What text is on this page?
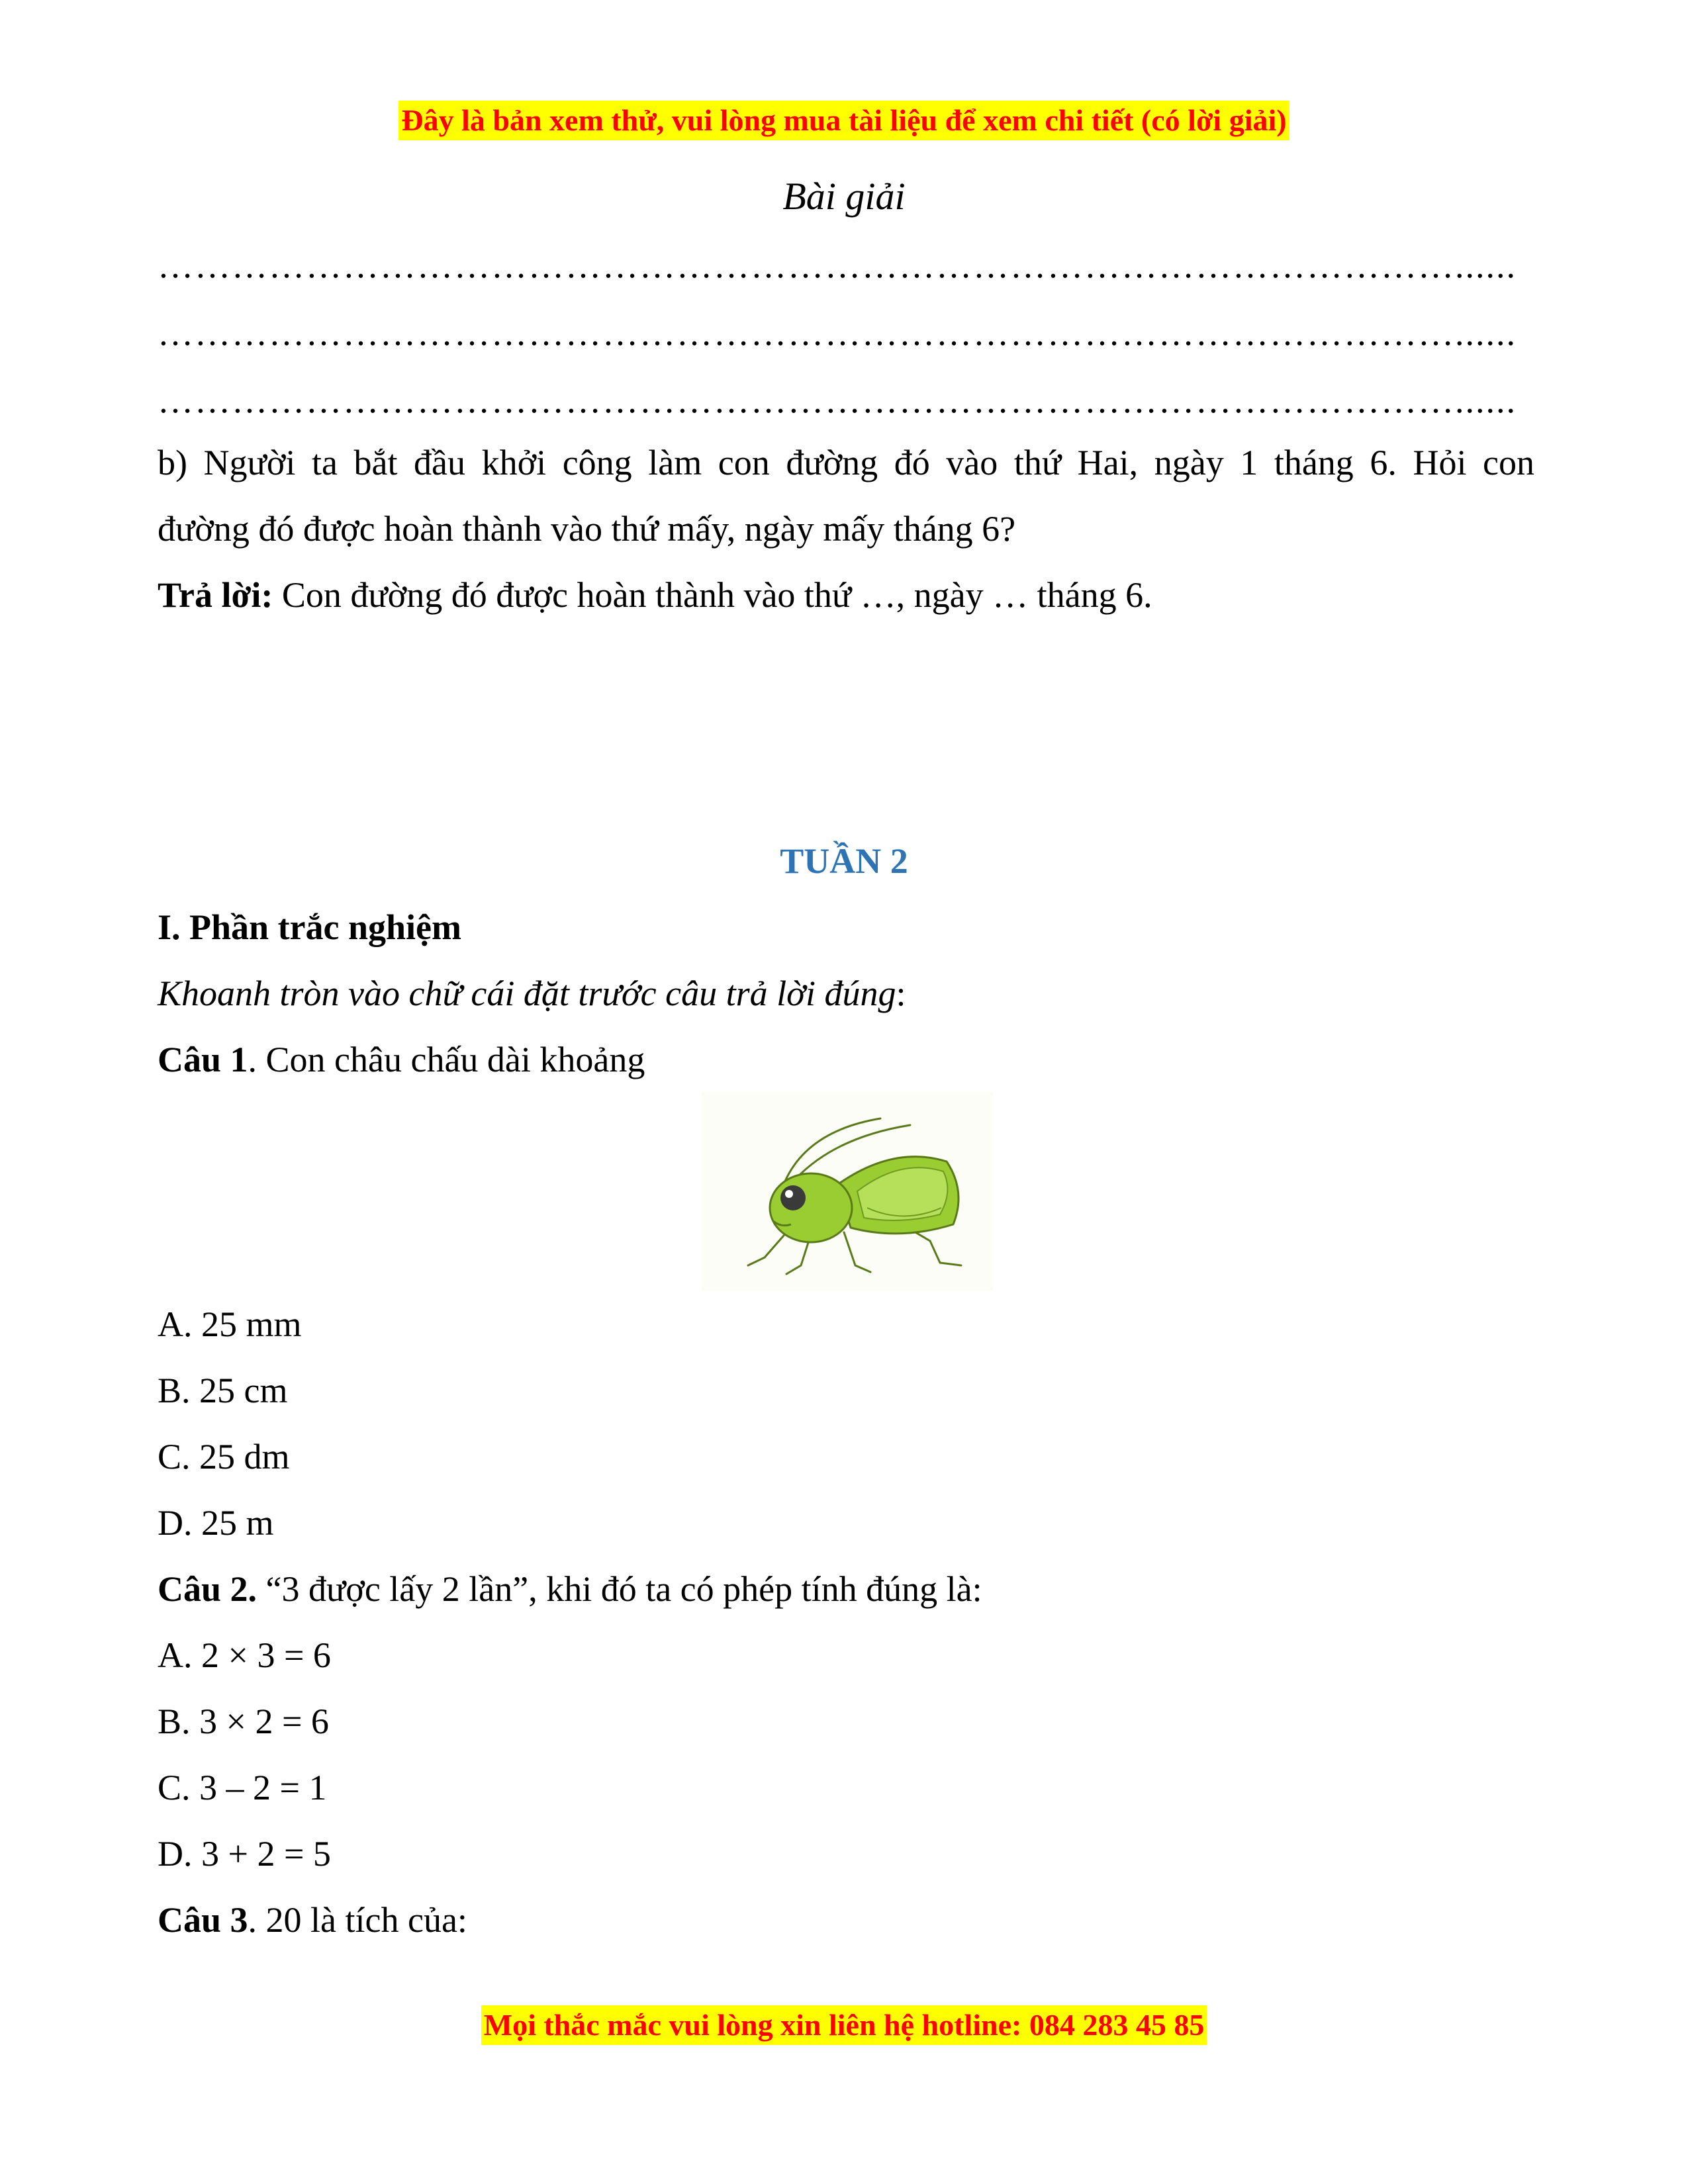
Đây là bản xem thử, vui lòng mua tài liệu để xem chi tiết (có lời giải)
Bài giải
……………………………………………………………………………………………......
……………………………………………………………………………………………......
……………………………………………………………………………………………......
b) Người ta bắt đầu khởi công làm con đường đó vào thứ Hai, ngày 1 tháng 6. Hỏi con
đường đó được hoàn thành vào thứ mấy, ngày mấy tháng 6?
Trả lời: Con đường đó được hoàn thành vào thứ …, ngày … tháng 6.
TUẦN 2
I. Phần trắc nghiệm
Khoanh tròn vào chữ cái đặt trước câu trả lời đúng:
Câu 1. Con châu chấu dài khoảng
A. 25 mm
B. 25 cm
C. 25 dm
D. 25 m
Câu 2. “3 được lấy 2 lần”, khi đó ta có phép tính đúng là:
A. 2 × 3 = 6
B. 3 × 2 = 6
C. 3 – 2 = 1
D. 3 + 2 = 5
Câu 3. 20 là tích của:
Mọi thắc mắc vui lòng xin liên hệ hotline: 084 283 45 85
